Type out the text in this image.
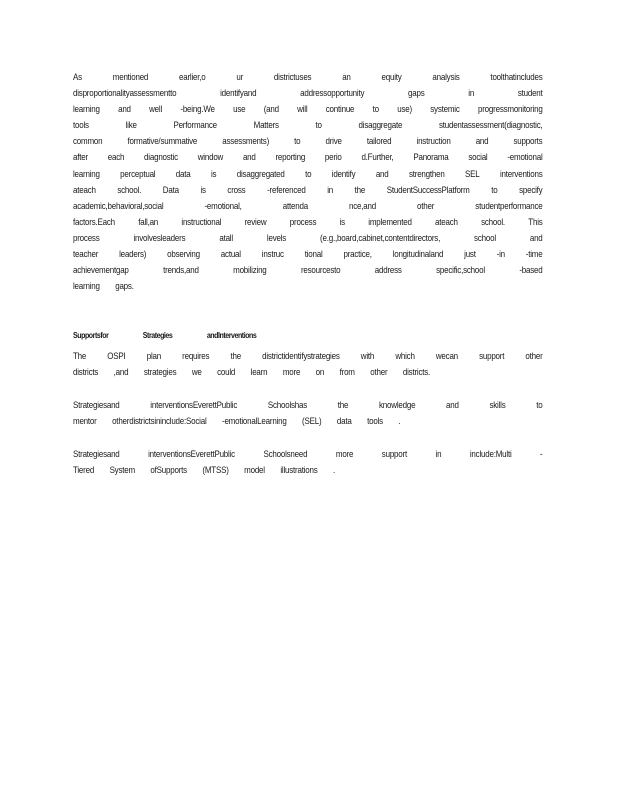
As	mentioned	earlier,o	ur	districtuses	an	equity	analysis	toolthatincludes
disproportionalityassessmentto	identifyand	addressopportunity	gaps	in	student
learning and well -being.We use (and will continue to use) systemic progressmonitoring
tools	like	Performance	Matters	to	disaggregate	studentassessment(diagnostic,
common	formative/summative	assessments)	to	drive	tailored	instruction	and	supports
after each diagnostic window and reporting perio d.Further, Panorama social -emotional
learning perceptual data is disaggregated to identify and strengthen SEL interventions
ateach school. Data is cross -referenced in the StudentSuccessPlatform to specify
academic,behavioral,social	-emotional,	attenda	nce,and	other	studentperformance
factors.Each	fall,an	instructional	review	process	is	implemented	ateach	school.	This
process	involvesleaders	atall	levels	(e.g.,board,cabinet,contentdirectors,	school	and
teacher leaders) observing actual instruc tional practice, longitudinaland just -in -time
achievementgap	trends,and	mobilizing	resourcesto	address	specific,school	-based
learning gaps.
Supportsfor	Strategies	andInterventions
The OSPI plan requires the districtidentifystrategies with which wecan support other
districts ,and strategies we could learn more on from other districts.
Strategiesand	interventionsEverettPublic	Schoolshas	the	knowledge	and	skills	to
mentor otherdistrictsininclude:Social -emotionalLearning (SEL) data tools .
Strategiesand	interventionsEverettPublic	Schoolsneed	more	support	in	include:Multi	-
Tiered System ofSupports (MTSS) model illustrations .
